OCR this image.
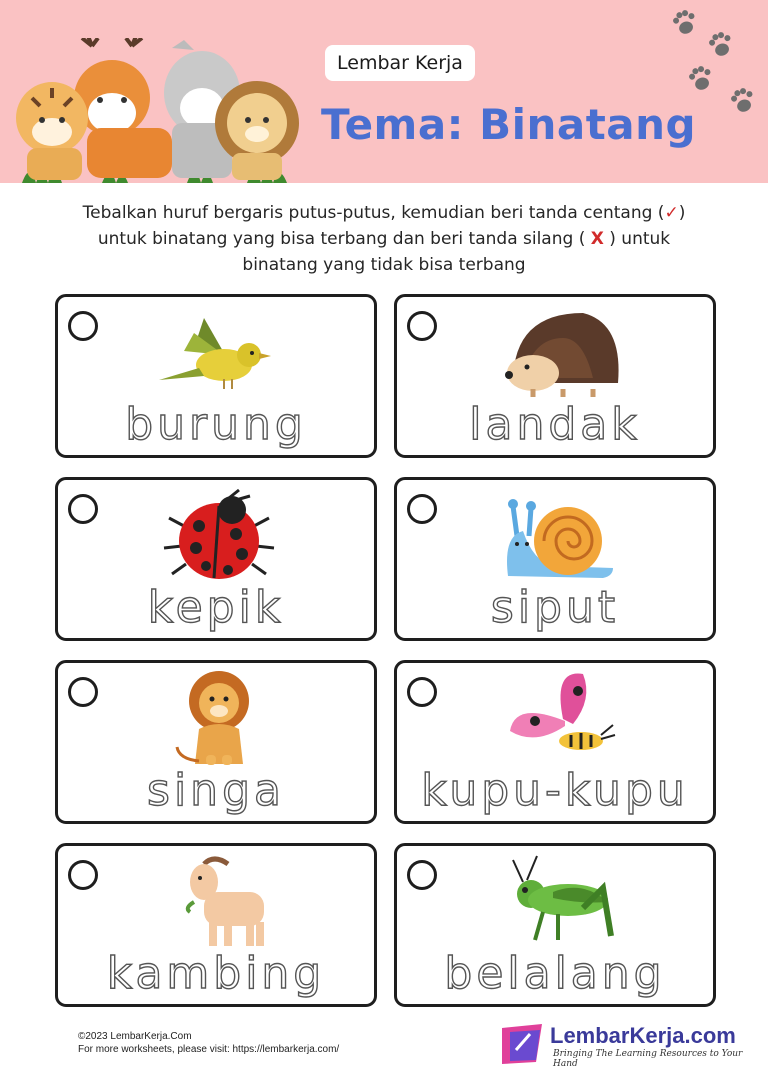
Lembar Kerja
Tema: Binatang
Tebalkan huruf bergaris putus-putus, kemudian beri tanda centang (✓)
untuk binatang yang bisa terbang dan beri tanda silang ( X ) untuk
binatang yang tidak bisa terbang
burung	landak
kepik	siput
singa	kupu-kupu
kambing	belalang
©2023 LembarKerja.Com
For more worksheets, please visit: https://lembarkerja.com/
LembarKerja.com
Bringing The Learning Resources to Your Hand
